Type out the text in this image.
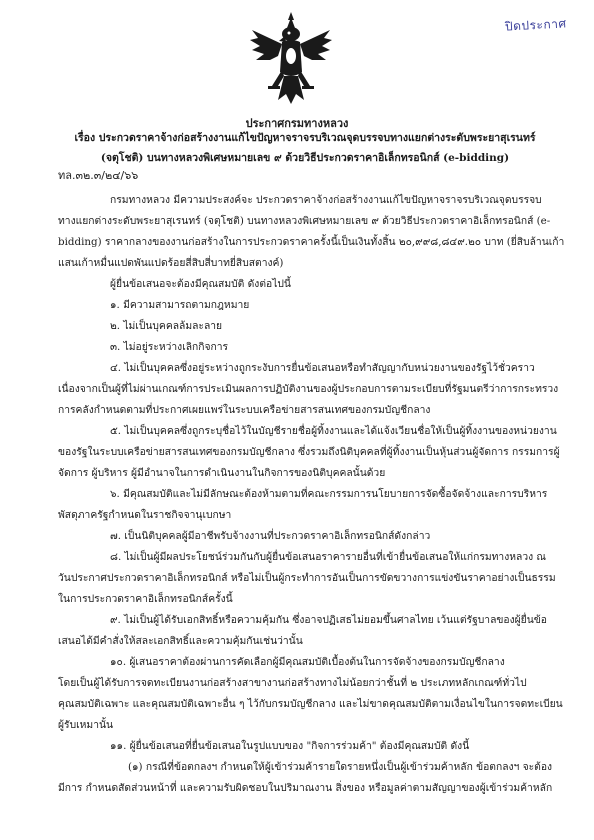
ปิดประกาศ
ประกาศกรมทางหลวง
เรื่อง ประกวดราคาจ้างก่อสร้างงานแก้ไขปัญหาจราจรบริเวณจุดบรรจบทางแยกต่างระดับพระยาสุเรนทร์
(จตุโชติ) บนทางหลวงพิเศษหมายเลข ๙ ด้วยวิธีประกวดราคาอิเล็กทรอนิกส์ (e-bidding)
ทล.๓๒.๓/๒๔/๖๖
กรมทางหลวง มีความประสงค์จะ ประกวดราคาจ้างก่อสร้างงานแก้ไขปัญหาจราจรบริเวณจุดบรรจบ
ทางแยกต่างระดับพระยาสุเรนทร์ (จตุโชติ) บนทางหลวงพิเศษหมายเลข ๙ ด้วยวิธีประกวดราคาอิเล็กทรอนิกส์ (e-
bidding) ราคากลางของงานก่อสร้างในการประกวดราคาครั้งนี้เป็นเงินทั้งสิ้น ๒๐,๙๙๘,๘๔๙.๒๐ บาท (ยี่สิบล้านเก้า
แสนเก้าหมื่นแปดพันแปดร้อยสี่สิบสี่บาทยี่สิบสตางค์)
ผู้ยื่นข้อเสนอจะต้องมีคุณสมบัติ ดังต่อไปนี้
๑. มีความสามารถตามกฎหมาย
๒. ไม่เป็นบุคคลล้มละลาย
๓. ไม่อยู่ระหว่างเลิกกิจการ
๔. ไม่เป็นบุคคลซึ่งอยู่ระหว่างถูกระงับการยื่นข้อเสนอหรือทำสัญญากับหน่วยงานของรัฐไว้ชั่วคราว
เนื่องจากเป็นผู้ที่ไม่ผ่านเกณฑ์การประเมินผลการปฏิบัติงานของผู้ประกอบการตามระเบียบที่รัฐมนตรีว่าการกระทรวง
การคลังกำหนดตามที่ประกาศเผยแพร่ในระบบเครือข่ายสารสนเทศของกรมบัญชีกลาง
๕. ไม่เป็นบุคคลซึ่งถูกระบุชื่อไว้ในบัญชีรายชื่อผู้ทิ้งงานและได้แจ้งเวียนชื่อให้เป็นผู้ทิ้งงานของหน่วยงาน
ของรัฐในระบบเครือข่ายสารสนเทศของกรมบัญชีกลาง ซึ่งรวมถึงนิติบุคคลที่ผู้ทิ้งงานเป็นหุ้นส่วนผู้จัดการ กรรมการผู้
จัดการ ผู้บริหาร ผู้มีอำนาจในการดำเนินงานในกิจการของนิติบุคคลนั้นด้วย
๖. มีคุณสมบัติและไม่มีลักษณะต้องห้ามตามที่คณะกรรมการนโยบายการจัดซื้อจัดจ้างและการบริหาร
พัสดุภาครัฐกำหนดในราชกิจจานุเบกษา
๗. เป็นนิติบุคคลผู้มีอาชีพรับจ้างงานที่ประกวดราคาอิเล็กทรอนิกส์ดังกล่าว
๘. ไม่เป็นผู้มีผลประโยชน์ร่วมกันกับผู้ยื่นข้อเสนอราคารายอื่นที่เข้ายื่นข้อเสนอให้แก่กรมทางหลวง ณ
วันประกาศประกวดราคาอิเล็กทรอนิกส์ หรือไม่เป็นผู้กระทำการอันเป็นการขัดขวางการแข่งขันราคาอย่างเป็นธรรม
ในการประกวดราคาอิเล็กทรอนิกส์ครั้งนี้
๙. ไม่เป็นผู้ได้รับเอกสิทธิ์หรือความคุ้มกัน ซึ่งอาจปฏิเสธไม่ยอมขึ้นศาลไทย เว้นแต่รัฐบาลของผู้ยื่นข้อ
เสนอได้มีคำสั่งให้สละเอกสิทธิ์และความคุ้มกันเช่นว่านั้น
๑๐. ผู้เสนอราคาต้องผ่านการคัดเลือกผู้มีคุณสมบัติเบื้องต้นในการจัดจ้างของกรมบัญชีกลาง
โดยเป็นผู้ได้รับการจดทะเบียนงานก่อสร้างสาขางานก่อสร้างทางไม่น้อยกว่าชั้นที่ ๒ ประเภทหลักเกณฑ์ทั่วไป
คุณสมบัติเฉพาะ และคุณสมบัติเฉพาะอื่น ๆ ไว้กับกรมบัญชีกลาง และไม่ขาดคุณสมบัติตามเงื่อนไขในการจดทะเบียน
ผู้รับเหมานั้น
๑๑. ผู้ยื่นข้อเสนอที่ยื่นข้อเสนอในรูปแบบของ "กิจการร่วมค้า" ต้องมีคุณสมบัติ ดังนี้
(๑) กรณีที่ข้อตกลงฯ กำหนดให้ผู้เข้าร่วมค้ารายใดรายหนึ่งเป็นผู้เข้าร่วมค้าหลัก ข้อตกลงฯ จะต้อง
มีการ กำหนดสัดส่วนหน้าที่ และความรับผิดชอบในปริมาณงาน สิ่งของ หรือมูลค่าตามสัญญาของผู้เข้าร่วมค้าหลัก
